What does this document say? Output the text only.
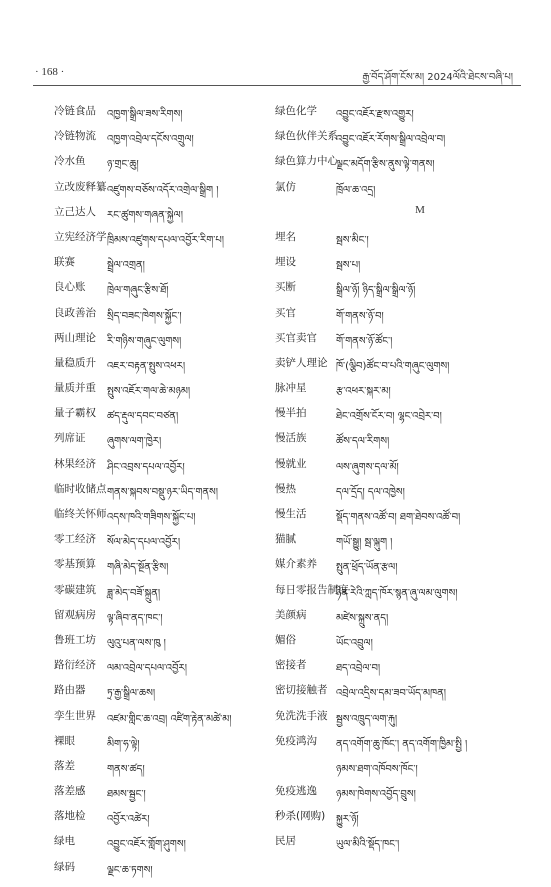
· 168 ·	རྒྱ་བོད་ཤོག་ངོས་མ། 2024ལོའི་ཐེངས་བཞི་པ།
冷链食品 འཁྱག་སྒྲིལ་ཟས་རིགས།
冷链物流 འཁྱག་འབྲེལ་དངོས་འགྲུལ།
冷水鱼 ཉ་གྲང་ཆུ།
立改废释纂 འཛུགས་བཅོས་འདོར་འགྲེལ་སྒྲིག །
立己达人 རང་ཚུགས་གཞན་སྐྱེལ།
立宪经济学 ཁྲིམས་འཛུགས་དཔལ་འབྱོར་རིག་པ།
联赛	སྦྲེལ་འགྲན།
良心账 ཁྲེལ་གཞུང་རྩིས་ཐོ།
良政善治 སྲིད་བཟང་ཁེགས་སྐྱོང་།
两山理论 རི་གཉིས་གཞུང་ལུགས།
量稳质升 འཇར་བརྟན་སྤུས་འཕར།
量质并重 སྤུས་འཇོར་གལ་ཆེ་མཉམ།
量子霸权 ཚད་རྡུལ་དབང་བཙན།
列席证 ཞུགས་ལག་ཁྱེར།
林果经济 ཤིང་འབྲས་དཔལ་འབྱོར།
临时收储点 གནས་སྐབས་བསྡུ་ཉར་ཡིད་གནས།
临终关怀师 འདས་ཁའི་གཟིགས་སྐྱོང་པ།
零工经济 སོལ་མེད་དཔལ་འབྱོར།
零基预算 གཞི་མེད་སྔོན་རྩིས།
零碳建筑 ཟླ་མེད་བཟོ་སྐྲུན།
留观病房 ལྟ་ཞིབ་ནད་ཁང་།
鲁班工坊 ལུའུ་པན་ལས་ཁུ །
路衍经济 ལམ་འབྲེལ་དཔལ་འབྱོར།
路由器 ཏྲ་རྒྱ་སྒྲིལ་ཆས།
孪生世界 འཛམ་གླིང་ཆ་འབྲ། འཛིག་རྟེན་མཚེ་མ།
裸眼	མིག་ཧ་ལྟེ།
落差	གནས་ཚད།
落差感 ཐམས་སྦྱང་།
落地检 འབྱོར་འཚེར།
绿电	འབྱུང་འཇོར་གློག་ཤུགས།
绿码	ལྗང་ཆ་ཏགས།
绿色化学 འབྱུང་འཇོར་རྫས་འགྱུར།
绿色伙伴关系
འབྱུང་འཇོར་རོགས་སྒྲིལ་འབྲེལ་བ།
绿色算力中心
ལྗང་མདོག་རྩིས་ནུས་ལྟེ་གནས།
氯仿	ཁྲོལ་ཆ་འདྲ།
M
埋名	སྦས་མིང་།
埋设	སྦས་པ།
买断	སྒྲིལ་ཉོ། ཉིད་སྒྲིལ་སྒྲིལ་ཉོ།
买官	གོ་གནས་ཉོ་བ།
买官卖官 གོ་གནས་ཉོ་ཚོང་།
卖铲人理论 ཁོ་(ལྕིབ)ཚོང་བ་པའི་གཞུང་ལུགས།
脉冲星	རྩ་འཕར་སྐར་མ།
慢半拍	ཐེང་འགྲོས་ངོར་བ། ལྷང་འབྲེར་བ།
慢活族	ཚོས་དལ་རིགས།
慢就业	ལས་ཞུགས་དལ་མོ།
慢热	དལ་དྲོད། དལ་འཁྱེས།
慢生活	སྡོད་གནས་འཚོ་བ། ཐག་ཐེབས་འཚོ་བ།
猫腻	གཡོ་སྒྱུ། སྦ་ལྐུག །
媒介素养 སྤུན་ཕྲོད་ཡོན་རྩལ།
每日零报告制度
ཉིན་རེའི་ཀླད་ཁོར་སྙན་ཞུ་ལམ་ལུགས།
美颜病	མཛེས་སྐྲུས་ནད།
媚俗	ཡོང་འབྲུལ།
密接者	ཐད་འབྲེལ་བ།
密切接触者 འབྲེལ་འདྲིས་དམ་ཟབ་ཡོད་མཁན།
免洗洗手液 སྦྱས་འཁྲུད་ལག་རྐུ།
免疫鸿沟 ནད་འགོག་ཆུ་ཁོང་། ནད་འགོག་ཁྱིམ་སྤྱི །
ཉམས་ཐག་འཁོབས་ཁོང་།
免疫逃逸 ཉམས་ཁེགས་འབྱོད་བྲུས།
秒杀(网购) སྐྱུར་ཉོ།
民居	ཡུལ་མིའི་སྡོད་ཁང་།
